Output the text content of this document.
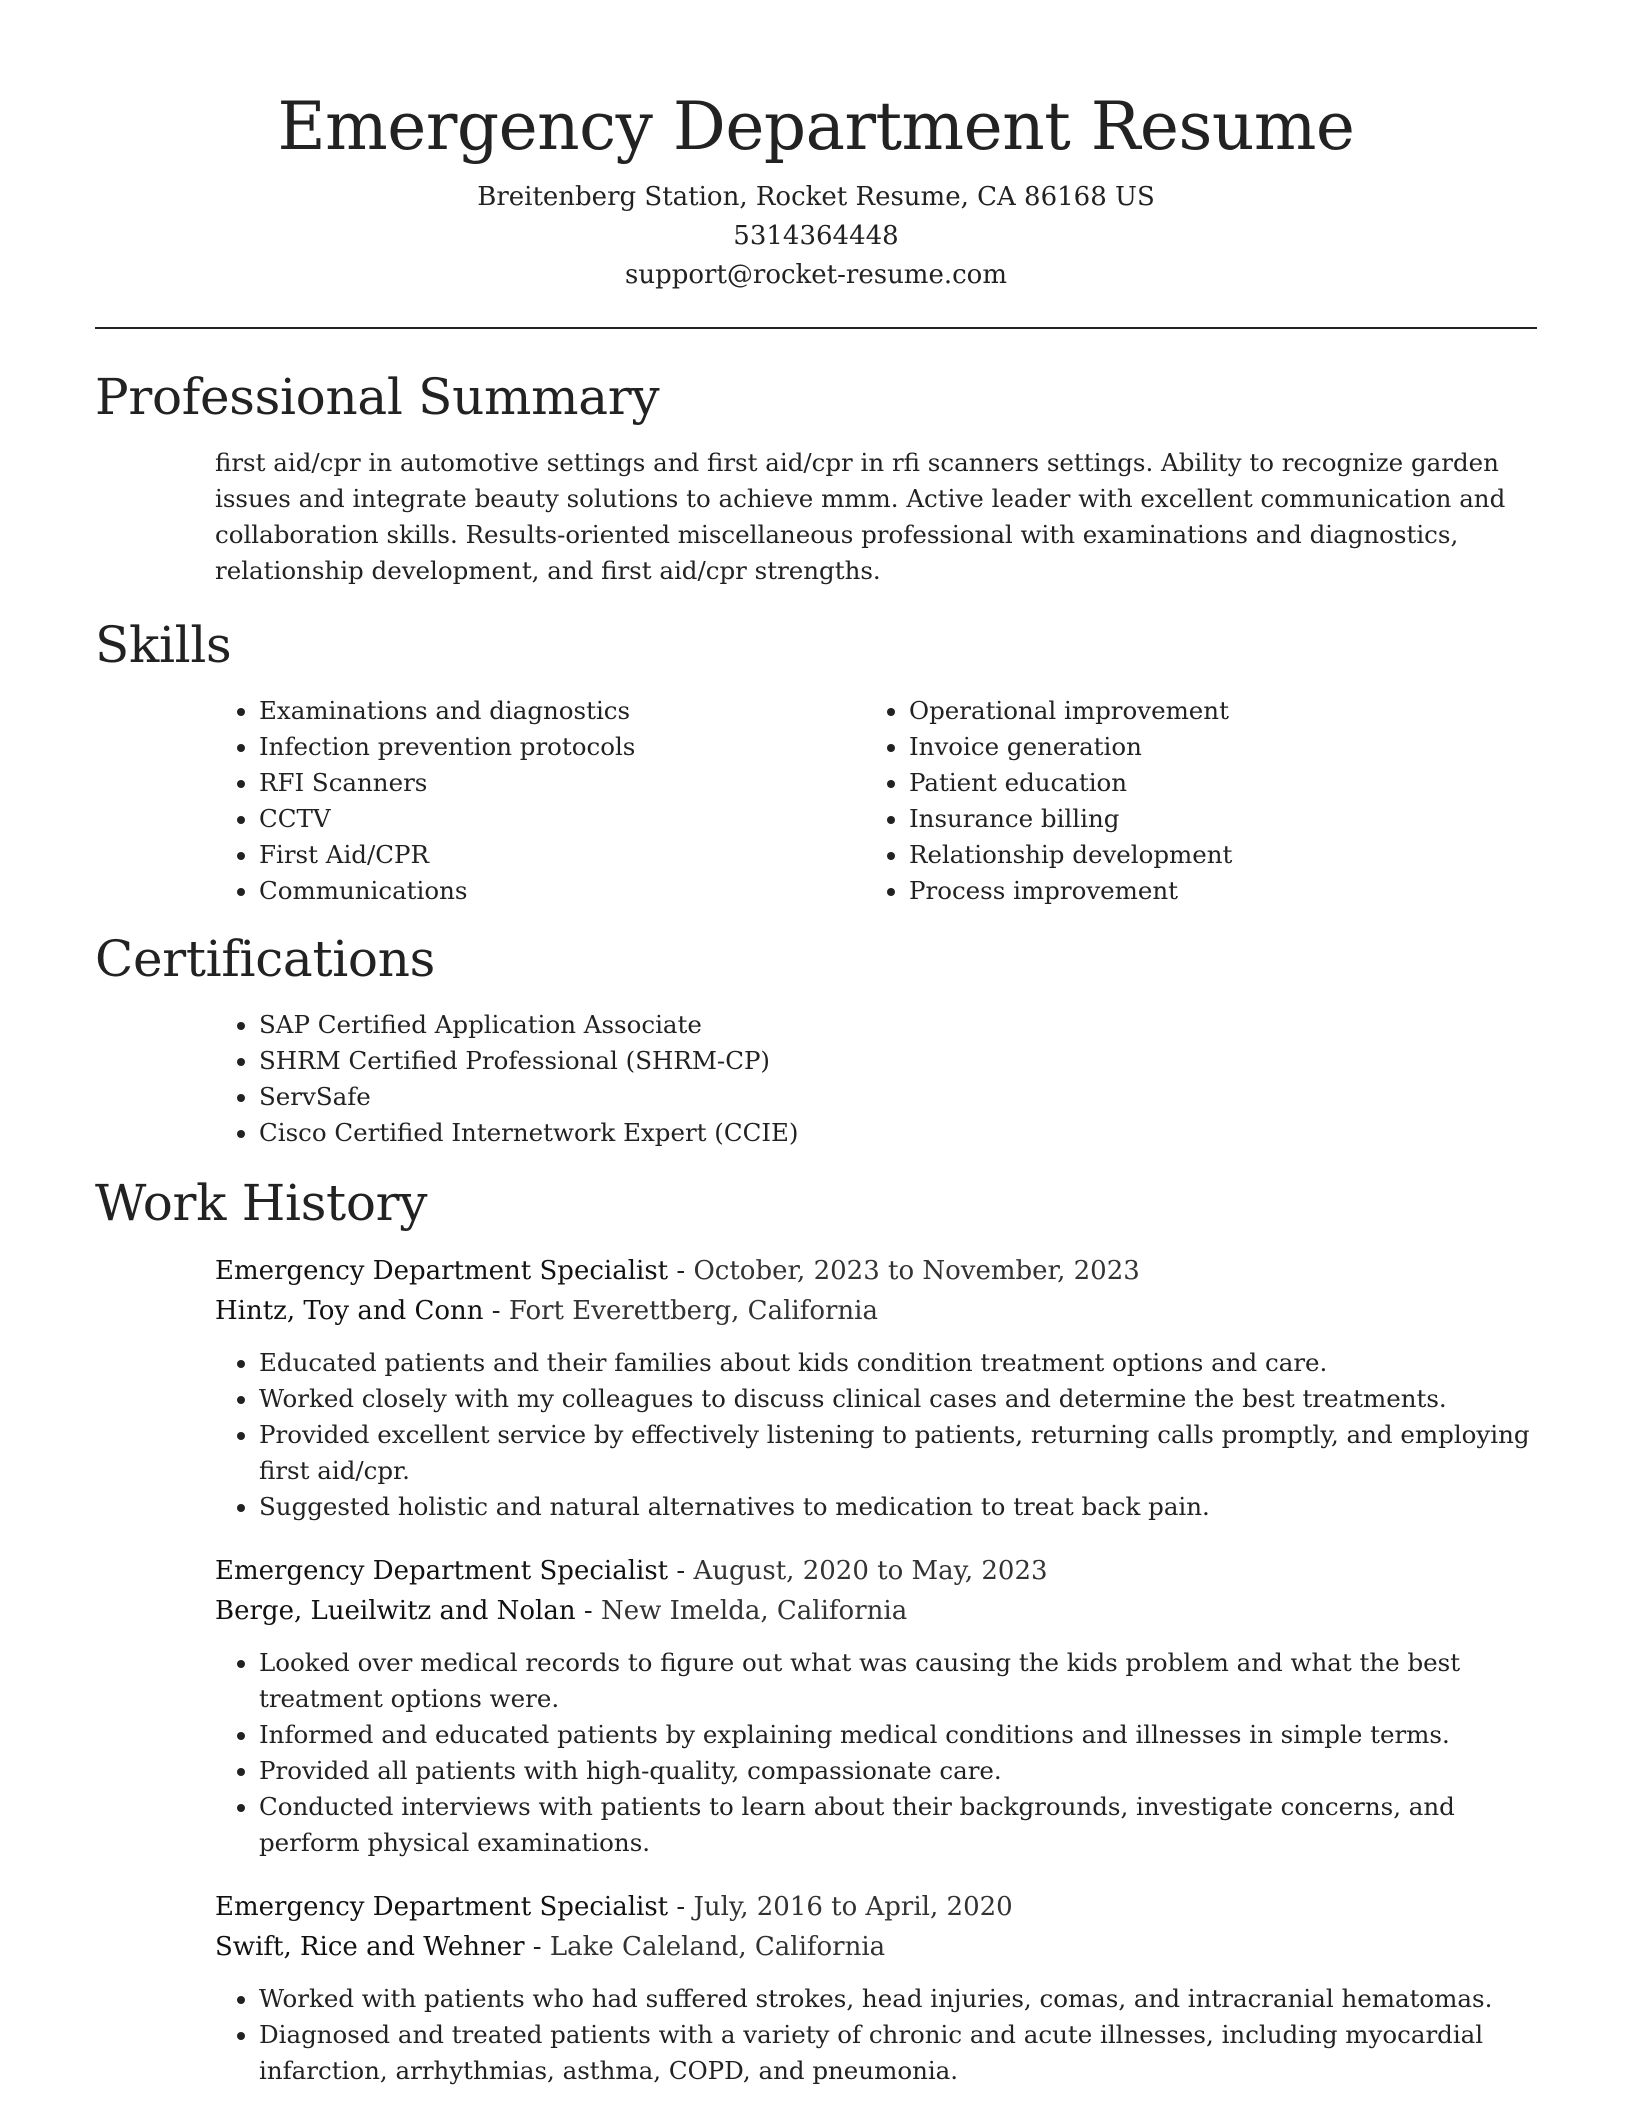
Emergency Department Resume
Breitenberg Station, Rocket Resume, CA 86168 US
5314364448
support@rocket-resume.com
Professional Summary
first aid/cpr in automotive settings and first aid/cpr in rfi scanners settings. Ability to recognize garden issues and integrate beauty solutions to achieve mmm. Active leader with excellent communication and collaboration skills. Results-oriented miscellaneous professional with examinations and diagnostics, relationship development, and first aid/cpr strengths.
Skills
• Examinations and diagnostics
• Infection prevention protocols
• RFI Scanners
• CCTV
• First Aid/CPR
• Communications
• Operational improvement
• Invoice generation
• Patient education
• Insurance billing
• Relationship development
• Process improvement
Certifications
• SAP Certified Application Associate
• SHRM Certified Professional (SHRM-CP)
• ServSafe
• Cisco Certified Internetwork Expert (CCIE)
Work History
Emergency Department Specialist - October, 2023 to November, 2023
Hintz, Toy and Conn - Fort Everettberg, California
• Educated patients and their families about kids condition treatment options and care.
• Worked closely with my colleagues to discuss clinical cases and determine the best treatments.
• Provided excellent service by effectively listening to patients, returning calls promptly, and employing first aid/cpr.
• Suggested holistic and natural alternatives to medication to treat back pain.
Emergency Department Specialist - August, 2020 to May, 2023
Berge, Lueilwitz and Nolan - New Imelda, California
• Looked over medical records to figure out what was causing the kids problem and what the best treatment options were.
• Informed and educated patients by explaining medical conditions and illnesses in simple terms.
• Provided all patients with high-quality, compassionate care.
• Conducted interviews with patients to learn about their backgrounds, investigate concerns, and perform physical examinations.
Emergency Department Specialist - July, 2016 to April, 2020
Swift, Rice and Wehner - Lake Caleland, California
• Worked with patients who had suffered strokes, head injuries, comas, and intracranial hematomas.
• Diagnosed and treated patients with a variety of chronic and acute illnesses, including myocardial infarction, arrhythmias, asthma, COPD, and pneumonia.
